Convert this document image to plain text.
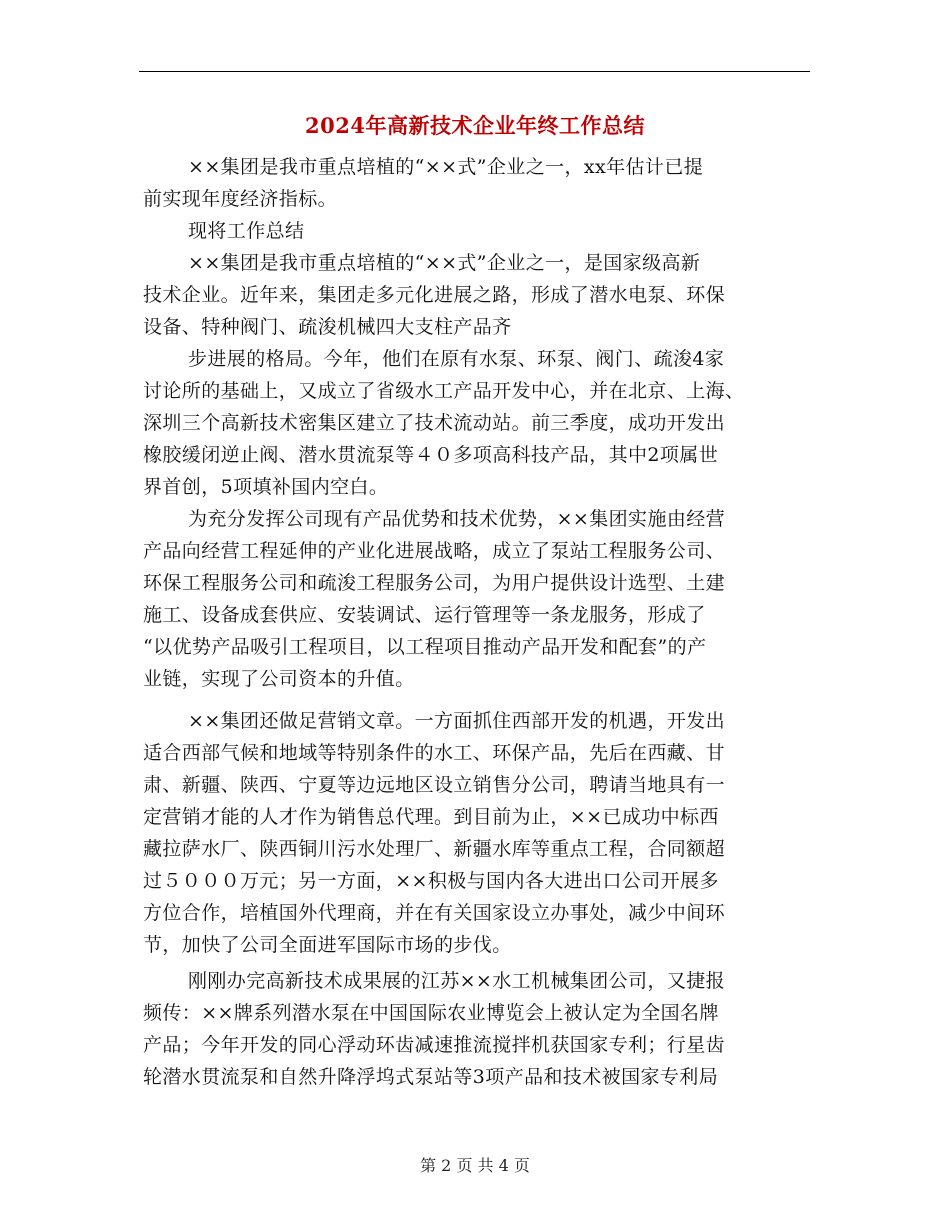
2024年高新技术企业年终工作总结
××集团是我市重点培植的“××式”企业之一，xx年估计已提
前实现年度经济指标。
现将工作总结
××集团是我市重点培植的“××式”企业之一，是国家级高新
技术企业。近年来，集团走多元化进展之路，形成了潜水电泵、环保
设备、特种阀门、疏浚机械四大支柱产品齐
步进展的格局。今年，他们在原有水泵、环泵、阀门、疏浚4家
讨论所的基础上，又成立了省级水工产品开发中心，并在北京、上海、
深圳三个高新技术密集区建立了技术流动站。前三季度，成功开发出
橡胶缓闭逆止阀、潜水贯流泵等４０多项高科技产品，其中2项属世
界首创，5项填补国内空白。
为充分发挥公司现有产品优势和技术优势，××集团实施由经营
产品向经营工程延伸的产业化进展战略，成立了泵站工程服务公司、
环保工程服务公司和疏浚工程服务公司，为用户提供设计选型、土建
施工、设备成套供应、安装调试、运行管理等一条龙服务，形成了
“以优势产品吸引工程项目，以工程项目推动产品开发和配套”的产
业链，实现了公司资本的升值。
××集团还做足营销文章。一方面抓住西部开发的机遇，开发出
适合西部气候和地域等特别条件的水工、环保产品，先后在西藏、甘
肃、新疆、陕西、宁夏等边远地区设立销售分公司，聘请当地具有一
定营销才能的人才作为销售总代理。到目前为止，××已成功中标西
藏拉萨水厂、陕西铜川污水处理厂、新疆水库等重点工程，合同额超
过５０００万元；另一方面，××积极与国内各大进出口公司开展多
方位合作，培植国外代理商，并在有关国家设立办事处，减少中间环
节，加快了公司全面进军国际市场的步伐。
刚刚办完高新技术成果展的江苏××水工机械集团公司，又捷报
频传：××牌系列潜水泵在中国国际农业博览会上被认定为全国名牌
产品；今年开发的同心浮动环齿减速推流搅拌机获国家专利；行星齿
轮潜水贯流泵和自然升降浮坞式泵站等3项产品和技术被国家专利局
第 2 页 共 4 页
